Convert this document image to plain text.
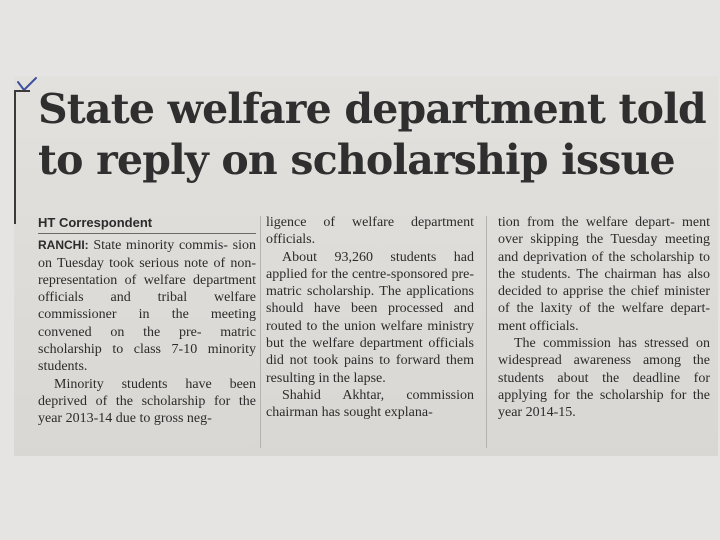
State welfare department told
to reply on scholarship issue
HT Correspondent

RANCHI: State minority commis- sion on Tuesday took serious note of non-representation of welfare department officials and tribal welfare commissioner in the meeting convened on the pre- matric scholarship to class 7-10 minority students.

Minority students have been deprived of the scholarship for the year 2013-14 due to gross neg-

ligence of welfare department officials.

About 93,260 students had applied for the centre-sponsored pre-matric scholarship. The applications should have been processed and routed to the union welfare ministry but the welfare department officials did not took pains to forward them resulting in the lapse.

Shahid Akhtar, commission chairman has sought explana-

tion from the welfare depart- ment over skipping the Tuesday meeting and deprivation of the scholarship to the students. The chairman has also decided to apprise the chief minister of the laxity of the welfare depart- ment officials.

The commission has stressed on widespread awareness among the students about the deadline for applying for the scholarship for the year 2014-15.
